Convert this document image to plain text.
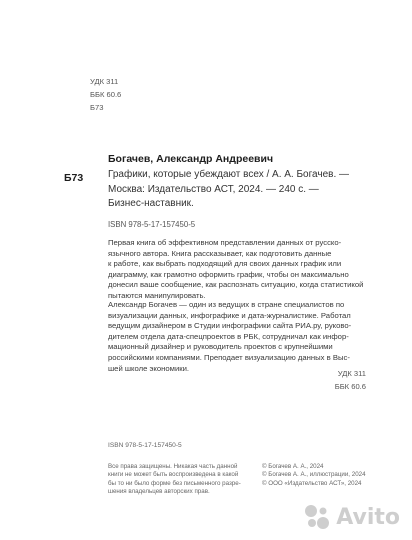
УДК 311
ББК 60.6
Б73
Богачев, Александр Андреевич
Б73 Графики, которые убеждают всех / А. А. Богачев. —
Москва: Издательство АСТ, 2024. — 240 с. —
Бизнес-наставник.
ISBN 978-5-17-157450-5
Первая книга об эффективном представлении данных от русско-
язычного автора. Книга рассказывает, как подготовить данные
к работе, как выбрать подходящий для своих данных график или
диаграмму, как грамотно оформить график, чтобы он максимально
донесил ваше сообщение, как распознать ситуацию, когда статистикой
пытаются манипулировать.
Александр Богачев — один из ведущих в стране специалистов по
визуализации данных, инфографике и дата-журналистике. Работал
ведущим дизайнером в Студии инфографики сайта РИА.ру, руково-
дителем отдела дата-спецпроектов в РБК, сотрудничал как инфор-
мационный дизайнер и руководитель проектов с крупнейшими
российскими компаниями. Преподает визуализацию данных в Выс-
шей школе экономики.
УДК 311
ББК 60.6
ISBN 978-5-17-157450-5
Все права защищены. Никакая часть данной
книги не может быть воспроизведена в какой
бы то ни было форме без письменного разре-
шения владельцев авторских прав.
© Богачев А. А., 2024
© Богачев А. А., иллюстрации, 2024
© ООО «Издательство АСТ», 2024
Avito
